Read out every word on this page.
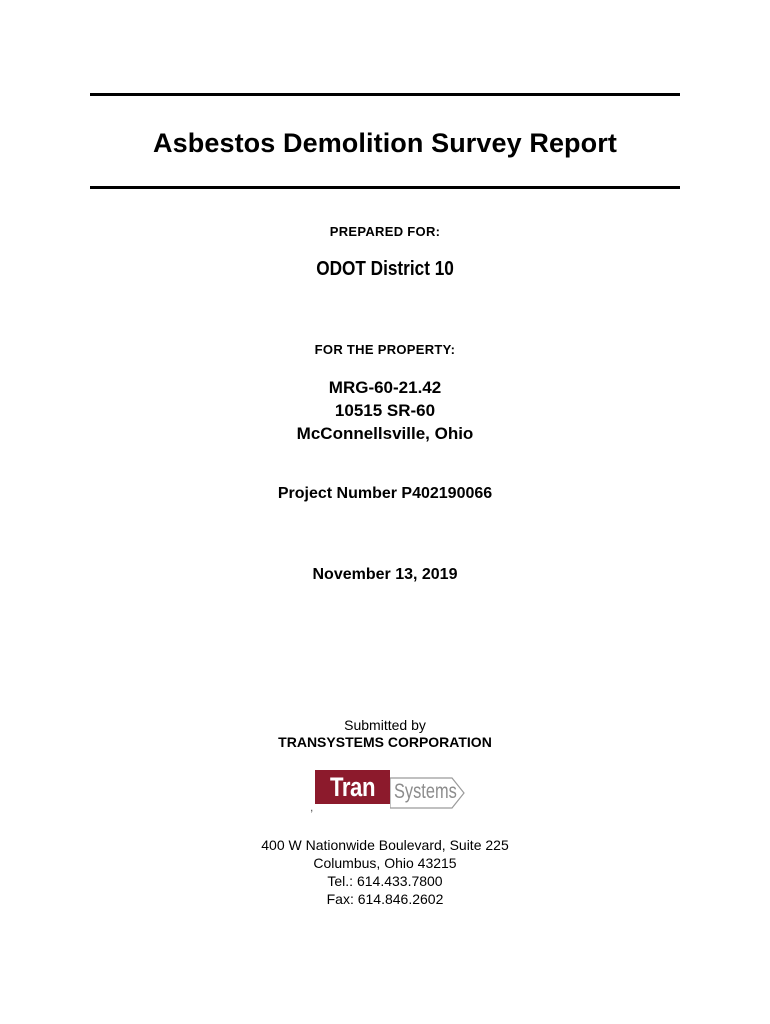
Asbestos Demolition Survey Report
PREPARED FOR:
ODOT District 10
FOR THE PROPERTY:
MRG-60-21.42
10515 SR-60
McConnellsville, Ohio
Project Number P402190066
November 13, 2019
Submitted by
TRANSYSTEMS CORPORATION
,
Tran Systems
400 W Nationwide Boulevard, Suite 225
Columbus, Ohio 43215
Tel.: 614.433.7800
Fax: 614.846.2602
